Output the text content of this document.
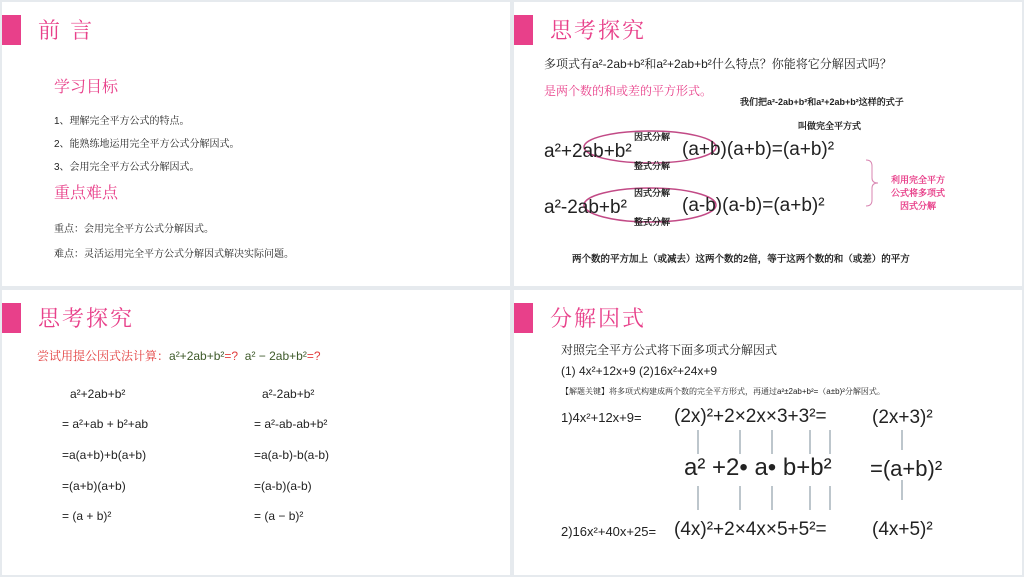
前 言
学习目标
1、理解完全平方公式的特点。
2、能熟练地运用完全平方公式分解因式。
3、会用完全平方公式分解因式。
重点难点
重点：会用完全平方公式分解因式。
难点：灵活运用完全平方公式分解因式解决实际问题。
思考探究
多项式有a²-2ab+b²和a²+2ab+b²什么特点？你能将它分解因式吗？
是两个数的和或差的平方形式。
我们把a²-2ab+b²和a²+2ab+b²这样的式子
叫做完全平方式
因式分解
a²+2ab+b²	(a+b)(a+b)=(a+b)²
整式分解
因式分解
a²-2ab+b²	(a-b)(a-b)=(a+b)²
整式分解
利用完全平方
公式将多项式
因式分解
两个数的平方加上（或减去）这两个数的2倍，等于这两个数的和（或差）的平方
思考探究
尝试用提公因式法计算：a²+2ab+b²=? a² − 2ab+b²=?
a²+2ab+b²
= a²+ab + b²+ab
=a(a+b)+b(a+b)
=(a+b)(a+b)
= (a + b)²
a²-2ab+b²
= a²-ab-ab+b²
=a(a-b)-b(a-b)
=(a-b)(a-b)
= (a − b)²
分解因式
对照完全平方公式将下面多项式分解因式
(1) 4x²+12x+9 (2)16x²+24x+9
【解题关键】将多项式构建成两个数的完全平方形式，再通过a²±2ab+b²=（a±b)²分解因式。
1)4x²+12x+9= (2x)²+2×2x×3+3²= (2x+3)²
a² +2• a• b+b² =(a+b)²
2)16x²+40x+25= (4x)²+2×4x×5+5²= (4x+5)²
